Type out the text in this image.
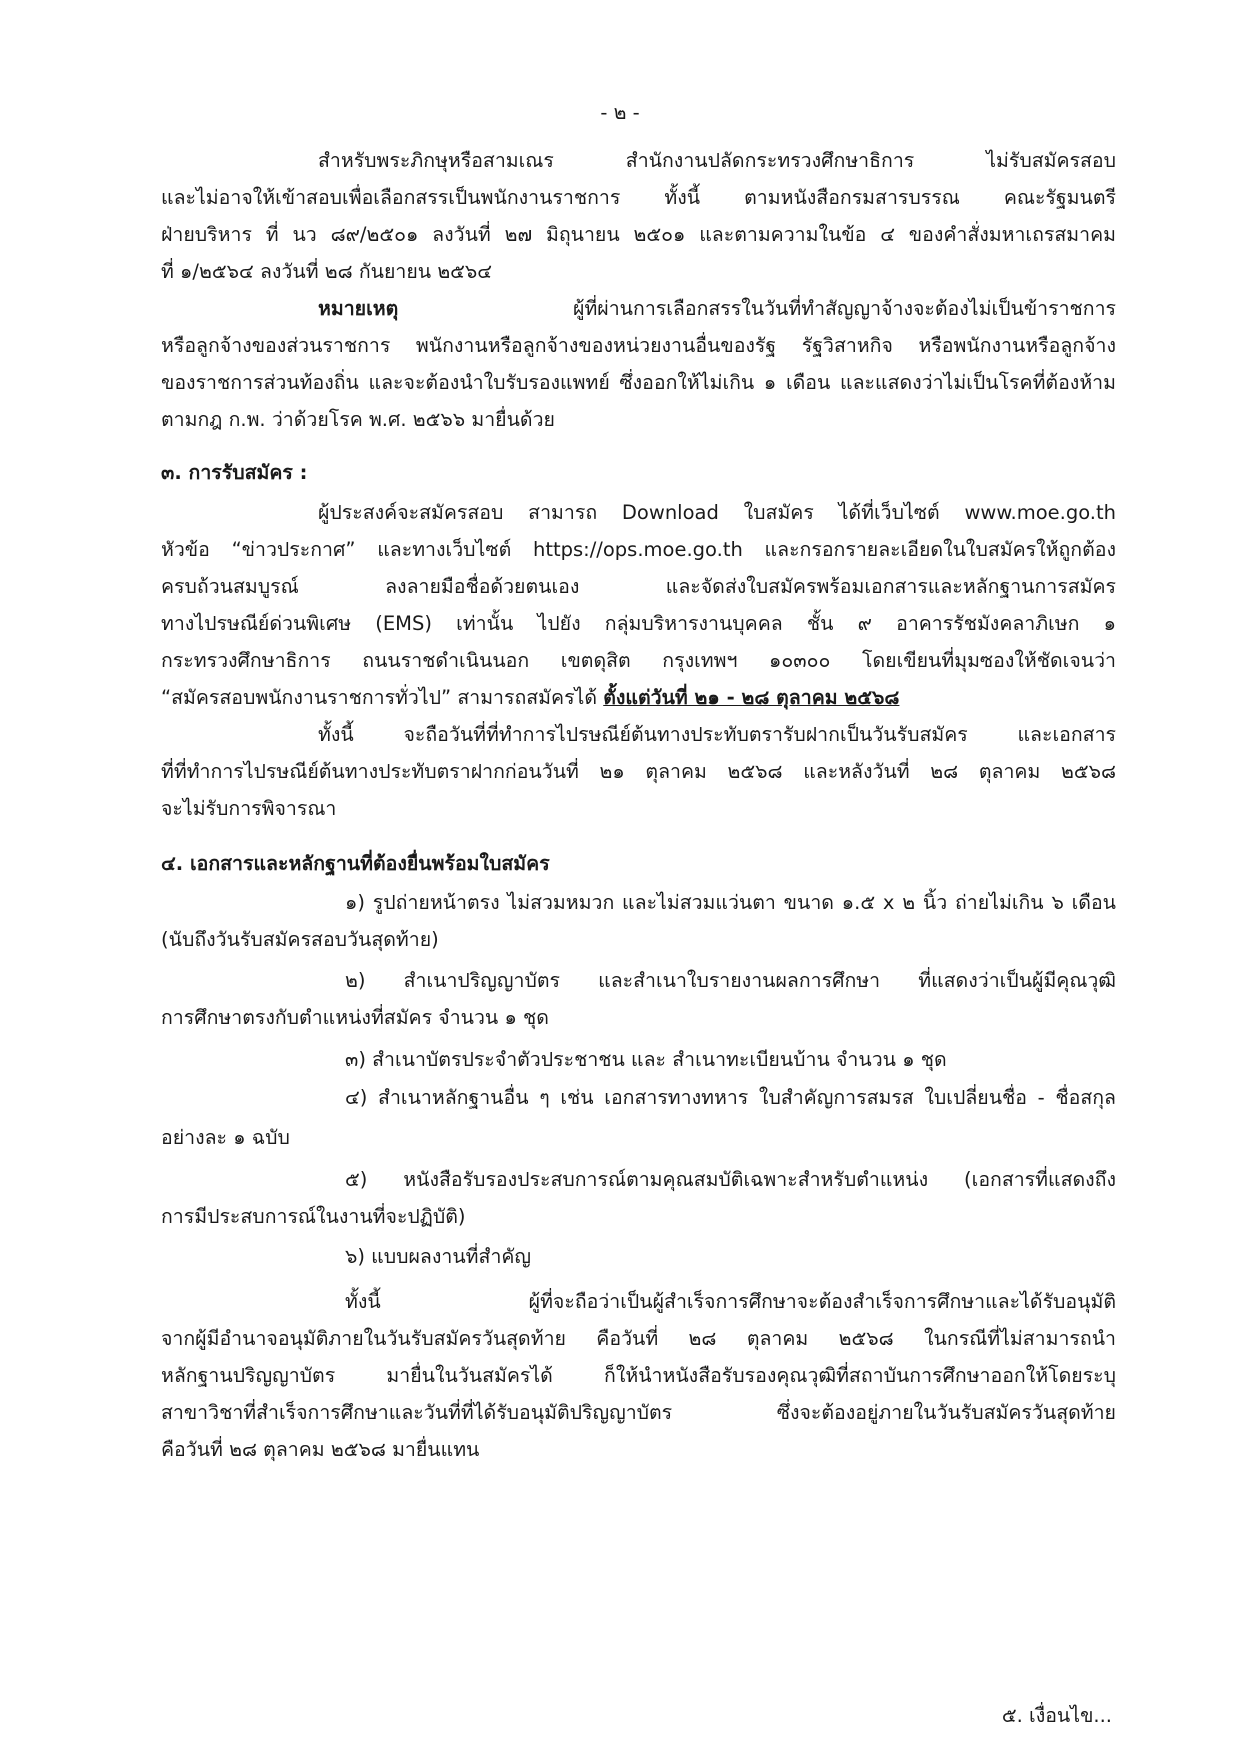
- ๒ -
สำหรับพระภิกษุหรือสามเณร สำนักงานปลัดกระทรวงศึกษาธิการ ไม่รับสมัครสอบ
และไม่อาจให้เข้าสอบเพื่อเลือกสรรเป็นพนักงานราชการ ทั้งนี้ ตามหนังสือกรมสารบรรณ คณะรัฐมนตรี
ฝ่ายบริหาร ที่ นว ๘๙/๒๕๐๑ ลงวันที่ ๒๗ มิถุนายน ๒๕๐๑ และตามความในข้อ ๔ ของคำสั่งมหาเถรสมาคม
ที่ ๑/๒๕๖๔ ลงวันที่ ๒๘ กันยายน ๒๕๖๔
หมายเหตุ	ผู้ที่ผ่านการเลือกสรรในวันที่ทำสัญญาจ้างจะต้องไม่เป็นข้าราชการ
หรือลูกจ้างของส่วนราชการ พนักงานหรือลูกจ้างของหน่วยงานอื่นของรัฐ รัฐวิสาหกิจ หรือพนักงานหรือลูกจ้าง
ของราชการส่วนท้องถิ่น และจะต้องนำใบรับรองแพทย์ ซึ่งออกให้ไม่เกิน ๑ เดือน และแสดงว่าไม่เป็นโรคที่ต้องห้าม
ตามกฎ ก.พ. ว่าด้วยโรค พ.ศ. ๒๕๖๖ มายื่นด้วย
๓. การรับสมัคร :
ผู้ประสงค์จะสมัครสอบ สามารถ Download ใบสมัคร ได้ที่เว็บไซต์ www.moe.go.th
หัวข้อ “ข่าวประกาศ” และทางเว็บไซต์ https://ops.moe.go.th และกรอกรายละเอียดในใบสมัครให้ถูกต้อง
ครบถ้วนสมบูรณ์ ลงลายมือชื่อด้วยตนเอง และจัดส่งใบสมัครพร้อมเอกสารและหลักฐานการสมัคร
ทางไปรษณีย์ด่วนพิเศษ (EMS) เท่านั้น ไปยัง กลุ่มบริหารงานบุคคล ชั้น ๙ อาคารรัชมังคลาภิเษก ๑
กระทรวงศึกษาธิการ ถนนราชดำเนินนอก เขตดุสิต กรุงเทพฯ ๑๐๓๐๐ โดยเขียนที่มุมซองให้ชัดเจนว่า
“สมัครสอบพนักงานราชการทั่วไป” สามารถสมัครได้ ตั้งแต่วันที่ ๒๑ - ๒๘ ตุลาคม ๒๕๖๘
ทั้งนี้ จะถือวันที่ที่ทำการไปรษณีย์ต้นทางประทับตรารับฝากเป็นวันรับสมัคร และเอกสาร
ที่ที่ทำการไปรษณีย์ต้นทางประทับตราฝากก่อนวันที่ ๒๑ ตุลาคม ๒๕๖๘ และหลังวันที่ ๒๘ ตุลาคม ๒๕๖๘
จะไม่รับการพิจารณา
๔. เอกสารและหลักฐานที่ต้องยื่นพร้อมใบสมัคร
๑) รูปถ่ายหน้าตรง ไม่สวมหมวก และไม่สวมแว่นตา ขนาด ๑.๕ x ๒ นิ้ว ถ่ายไม่เกิน ๖ เดือน
(นับถึงวันรับสมัครสอบวันสุดท้าย)
๒) สำเนาปริญญาบัตร และสำเนาใบรายงานผลการศึกษา ที่แสดงว่าเป็นผู้มีคุณวุฒิ
การศึกษาตรงกับตำแหน่งที่สมัคร จำนวน ๑ ชุด
๓) สำเนาบัตรประจำตัวประชาชน และ สำเนาทะเบียนบ้าน จำนวน ๑ ชุด
๔) สำเนาหลักฐานอื่น ๆ เช่น เอกสารทางทหาร ใบสำคัญการสมรส ใบเปลี่ยนชื่อ - ชื่อสกุล
อย่างละ ๑ ฉบับ
๕) หนังสือรับรองประสบการณ์ตามคุณสมบัติเฉพาะสำหรับตำแหน่ง (เอกสารที่แสดงถึง
การมีประสบการณ์ในงานที่จะปฏิบัติ)
๖) แบบผลงานที่สำคัญ
ทั้งนี้ ผู้ที่จะถือว่าเป็นผู้สำเร็จการศึกษาจะต้องสำเร็จการศึกษาและได้รับอนุมัติ
จากผู้มีอำนาจอนุมัติภายในวันรับสมัครวันสุดท้าย คือวันที่ ๒๘ ตุลาคม ๒๕๖๘ ในกรณีที่ไม่สามารถนำ
หลักฐานปริญญาบัตร มายื่นในวันสมัครได้ ก็ให้นำหนังสือรับรองคุณวุฒิที่สถาบันการศึกษาออกให้โดยระบุ
สาขาวิชาที่สำเร็จการศึกษาและวันที่ที่ได้รับอนุมัติปริญญาบัตร ซึ่งจะต้องอยู่ภายในวันรับสมัครวันสุดท้าย
คือวันที่ ๒๘ ตุลาคม ๒๕๖๘ มายื่นแทน
๕. เงื่อนไข...
